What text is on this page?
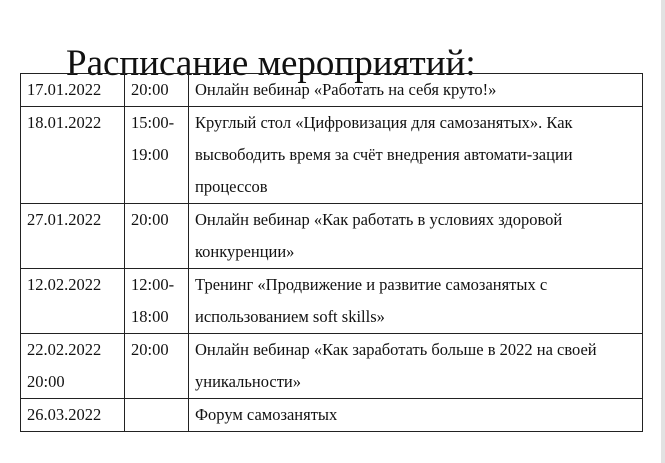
Расписание мероприятий:
17.01.2022	20:00	Онлайн вебинар «Работать на себя круто!»
18.01.2022	15:00-19:00	Круглый стол «Цифровизация для самозанятых». Как высвободить время за счёт внедрения автомати-зации процессов
27.01.2022	20:00	Онлайн вебинар «Как работать в условиях здоровой конкуренции»
12.02.2022	12:00-18:00	Тренинг «Продвижение и развитие самозанятых с использованием soft skills»
22.02.2022 20:00	20:00	Онлайн вебинар «Как заработать больше в 2022 на своей уникальности»
26.03.2022		Форум самозанятых
